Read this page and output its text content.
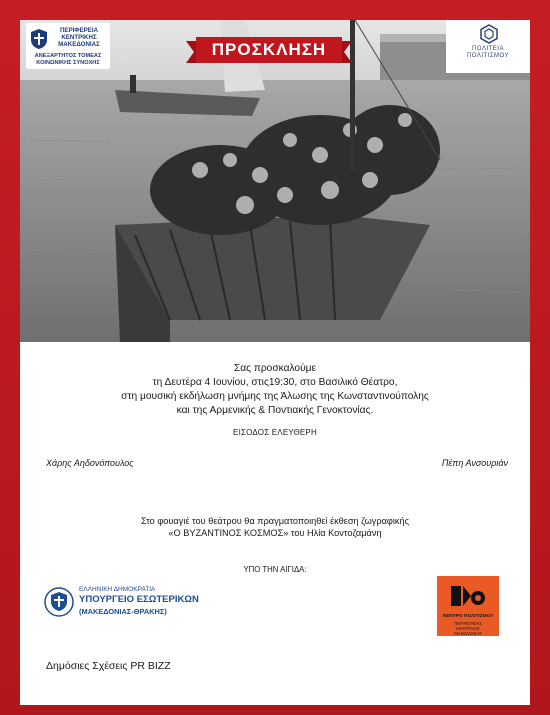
ΠΕΡΙΦΕΡΕΙΑ
ΚΕΝΤΡΙΚΗΣ
ΜΑΚΕΔΟΝΙΑΣ
ΑΝΕΞΑΡΤΗΤΟΣ ΤΟΜΕΑΣ
ΚΟΙΝΩΝΙΚΗΣ ΣΥΝΟΧΗΣ
ΠΟΛΙΤΕΙΑ
ΠΟΛΙΤΙΣΜΟΥ
ΠΡΟΣΚΛΗΣΗ
Σας προσκαλούμε
τη Δευτέρα 4 Ιουνίου, στις19:30, στο Βασιλικό Θέατρο,
στη μουσική εκδήλωση μνήμης της Άλωσης της Κωνσταντινούπολης
και της Αρμενικής & Ποντιακής Γενοκτονίας.
ΕΙΣΟΔΟΣ ΕΛΕΥΘΕΡΗ
Χάρης Αηδονόπουλος	Πέπη Ανσουριάν
Στο φουαγιέ του θεάτρου θα πραγματοποιηθεί έκθεση ζωγραφικής
«Ο ΒΥΖΑΝΤΙΝΟΣ ΚΟΣΜΟΣ» του Ηλία Κοντοζαμάνη
ΥΠΟ ΤΗΝ ΑΙΓΙΔΑ:
ΕΛΛΗΝΙΚΗ ΔΗΜΟΚΡΑΤΙΑ
ΥΠΟΥΡΓΕΙΟ ΕΣΩΤΕΡΙΚΩΝ
(ΜΑΚΕΔΟΝΙΑΣ-ΘΡΑΚΗΣ)
ΚΕΝΤΡΟ ΠΟΛΙΤΙΣΜΟΥ
ΠΕΡΙΦΕΡΕΙΑΣ
ΚΕΝΤΡΙΚΗΣ
ΜΑΚΕΔΟΝΙΑΣ
Δημόσιες Σχέσεις PR BIZZ
